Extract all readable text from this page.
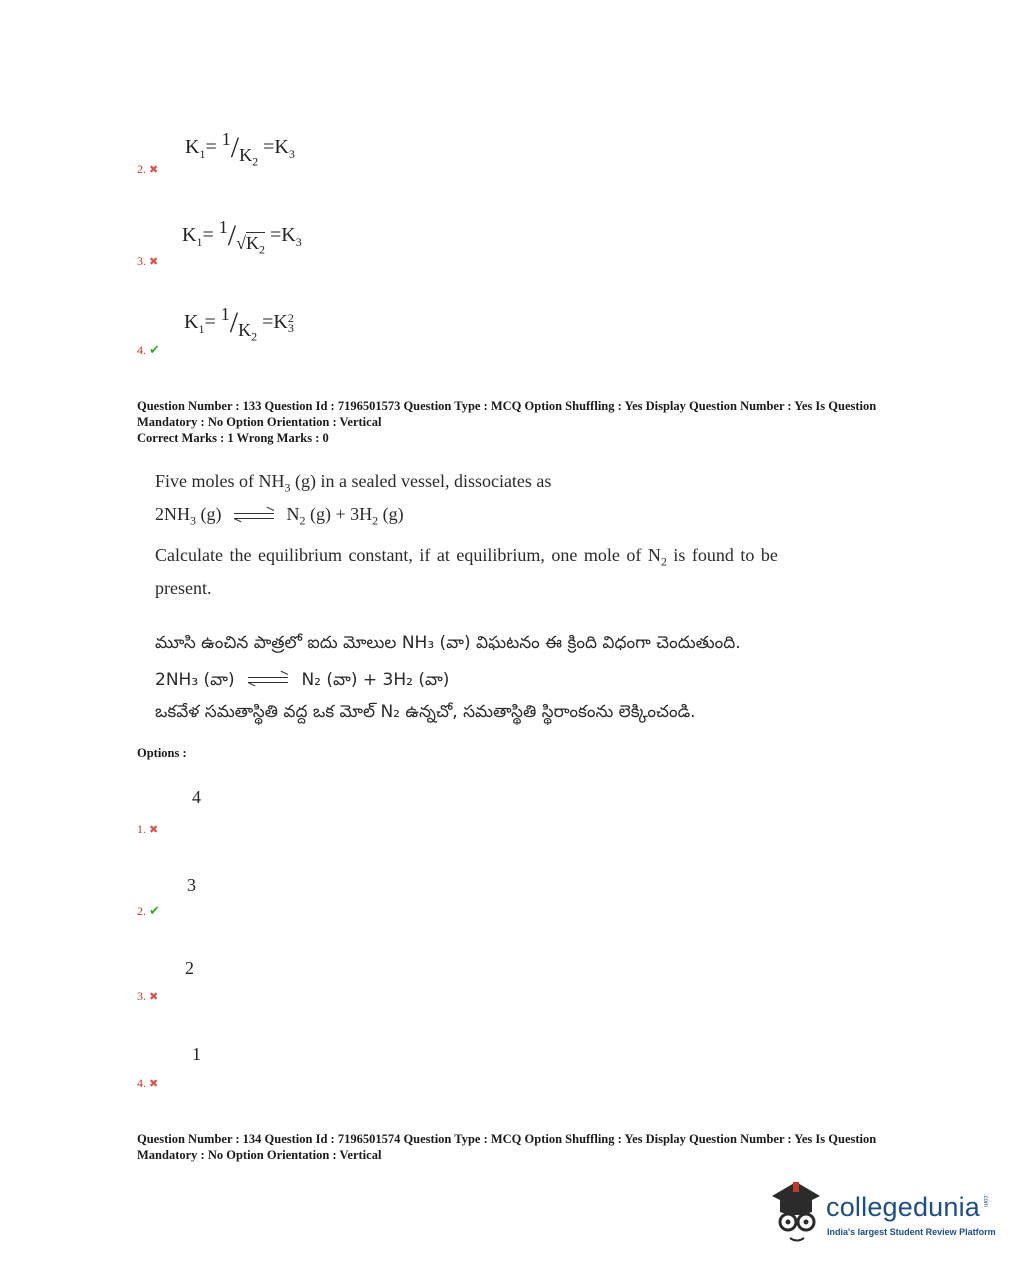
$K_1= 1/K_2 =K_3$
2. ✖
$K_1= 1/√K_2 =K_3$
3. ✖
$K_1= 1/K_2 =K$ 2
3
4. ✔
Question Number : 133 Question Id : 7196501573 Question Type : MCQ Option Shuffling : Yes Display Question Number : Yes Is Question
Mandatory : No Option Orientation : Vertical
Correct Marks : 1 Wrong Marks : 0
Five moles of $NH_3$ (g) in a sealed vessel, dissociates as
$2NH_3$ (g)	$N_2$ $(g) + 3H_2$ (g)
Calculate the equilibrium constant, if at equilibrium, one mole of $N_2$ is found to be
present.
మూసి ఉంచిన పాత్రలో ఐదు మోలుల NH₃ (వా) విఘటనం ఈ క్రింది విధంగా చెందుతుంది.
2NH₃ (వా)	N₂ (వా) + 3H₂ (వా)
ఒకవేళ సమతాస్థితి వద్ద ఒక మోల్ N₂ ఉన్నచో, సమతాస్థితి స్థిరాంకంను లెక్కించండి.
Options :
4
1. ✖
3
2. ✔
2
3. ✖
1
4. ✖
Question Number : 134 Question Id : 7196501574 Question Type : MCQ Option Shuffling : Yes Display Question Number : Yes Is Question
Mandatory : No Option Orientation : Vertical
collegedunia .com
India's largest Student Review Platform
